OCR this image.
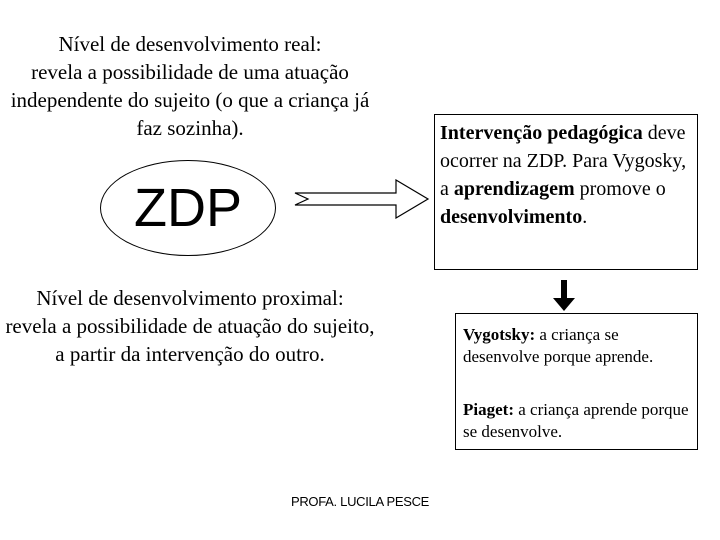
Nível de desenvolvimento real:
revela a possibilidade de uma atuação independente do sujeito (o que a criança já faz sozinha).
ZDP
Nível de desenvolvimento proximal:
revela a possibilidade de atuação do sujeito, a partir da intervenção do outro.
Intervenção pedagógica deve ocorrer na ZDP. Para Vygosky, a aprendizagem promove o desenvolvimento.
Vygotsky: a criança se desenvolve porque aprende.
Piaget: a criança aprende porque se desenvolve.
PROFA. LUCILA PESCE
